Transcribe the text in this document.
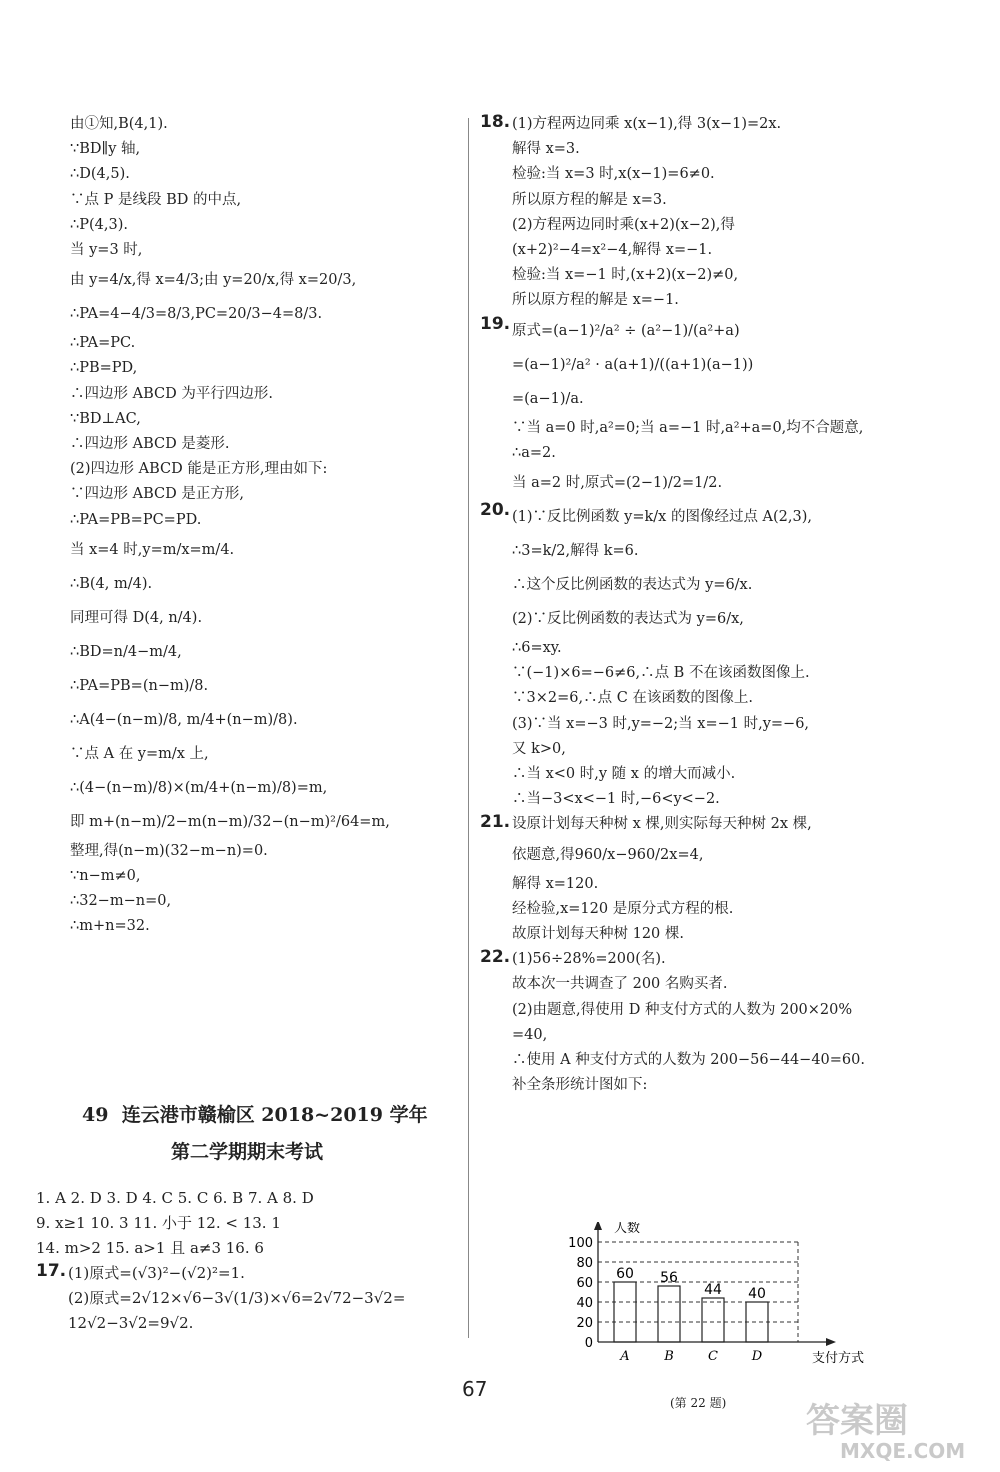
由①知,B(4,1).
∵BD∥y 轴,
∴D(4,5).
∵点 P 是线段 BD 的中点,
∴P(4,3).
当 y=3 时,
由 y=4/x,得 x=4/3;由 y=20/x,得 x=20/3,
∴PA=4−4/3=8/3,PC=20/3−4=8/3.
∴PA=PC.
∴PB=PD,
∴四边形 ABCD 为平行四边形.
∵BD⊥AC,
∴四边形 ABCD 是菱形.
(2)四边形 ABCD 能是正方形,理由如下:
∵四边形 ABCD 是正方形,
∴PA=PB=PC=PD.
当 x=4 时,y=m/x=m/4.
∴B(4, m/4).
同理可得 D(4, n/4).
∴BD=n/4−m/4,
∴PA=PB=(n−m)/8.
∴A(4−(n−m)/8, m/4+(n−m)/8).
∵点 A 在 y=m/x 上,
∴(4−(n−m)/8)×(m/4+(n−m)/8)=m,
即 m+(n−m)/2−m(n−m)/32−(n−m)²/64=m,
整理,得(n−m)(32−m−n)=0.
∵n−m≠0,
∴32−m−n=0,
∴m+n=32.
49 连云港市赣榆区 2018~2019 学年
第二学期期末考试
1. A 2. D 3. D 4. C 5. C 6. B 7. A 8. D
9. x≥1 10. 3 11. 小于 12. < 13. 1
14. m>2 15. a>1 且 a≠3 16. 6
17. (1)原式=(√3)²−(√2)²=1.
(2)原式=2√12×√6−3√(1/3)×√6=2√72−3√2=
12√2−3√2=9√2.
18. (1)方程两边同乘 x(x−1),得 3(x−1)=2x.
解得 x=3.
检验:当 x=3 时,x(x−1)=6≠0.
所以原方程的解是 x=3.
(2)方程两边同时乘(x+2)(x−2),得
(x+2)²−4=x²−4,解得 x=−1.
检验:当 x=−1 时,(x+2)(x−2)≠0,
所以原方程的解是 x=−1.
19. 原式=(a−1)²/a² ÷ (a²−1)/(a²+a)
=(a−1)²/a² · a(a+1)/((a+1)(a−1))
=(a−1)/a.
∵当 a=0 时,a²=0;当 a=−1 时,a²+a=0,均不合题意,
∴a=2.
当 a=2 时,原式=(2−1)/2=1/2.
20. (1)∵反比例函数 y=k/x 的图像经过点 A(2,3),
∴3=k/2,解得 k=6.
∴这个反比例函数的表达式为 y=6/x.
(2)∵反比例函数的表达式为 y=6/x,
∴6=xy.
∵(−1)×6=−6≠6,∴点 B 不在该函数图像上.
∵3×2=6,∴点 C 在该函数的图像上.
(3)∵当 x=−3 时,y=−2;当 x=−1 时,y=−6,
又 k>0,
∴当 x<0 时,y 随 x 的增大而减小.
∴当−3<x<−1 时,−6<y<−2.
21. 设原计划每天种树 x 棵,则实际每天种树 2x 棵,
依题意,得960/x−960/2x=4,
解得 x=120.
经检验,x=120 是原分式方程的根.
故原计划每天种树 120 棵.
22. (1)56÷28%=200(名).
故本次一共调查了 200 名购买者.
(2)由题意,得使用 D 种支付方式的人数为 200×20%
=40,
∴使用 A 种支付方式的人数为 200−56−44−40=60.
补全条形统计图如下:
0
20
40
60
80
100
人数
支付方式
60
A
56
B
44
C
40
D
(第 22 题)
67
答案圈
MXQE.COM
